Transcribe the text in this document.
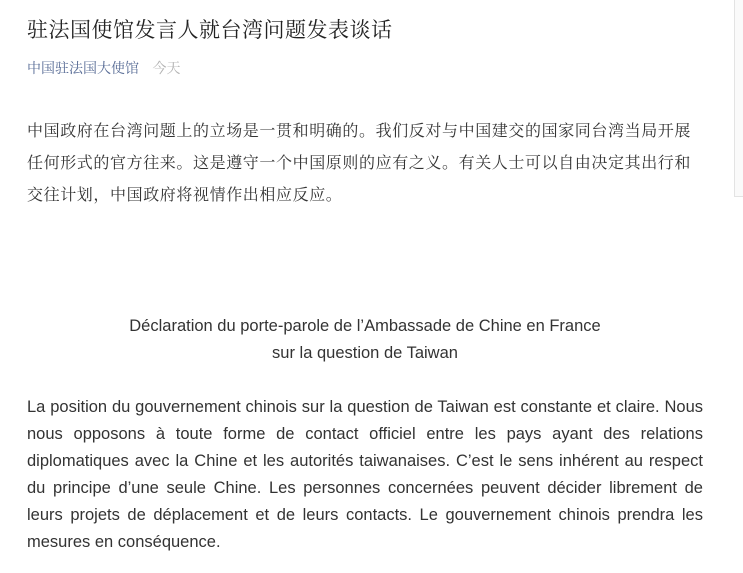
驻法国使馆发言人就台湾问题发表谈话
中国驻法国大使馆 今天

中国政府在台湾问题上的立场是一贯和明确的。我们反对与中国建交的国家同台湾当局开展任何形式的官方往来。这是遵守一个中国原则的应有之义。有关人士可以自由决定其出行和交往计划，中国政府将视情作出相应反应。

Déclaration du porte-parole de l’Ambassade de Chine en France
sur la question de Taiwan

La position du gouvernement chinois sur la question de Taiwan est constante et claire. Nous nous opposons à toute forme de contact officiel entre les pays ayant des relations diplomatiques avec la Chine et les autorités taiwanaises. C’est le sens inhérent au respect du principe d’une seule Chine. Les personnes concernées peuvent décider librement de leurs projets de déplacement et de leurs contacts. Le gouvernement chinois prendra les mesures en conséquence.
